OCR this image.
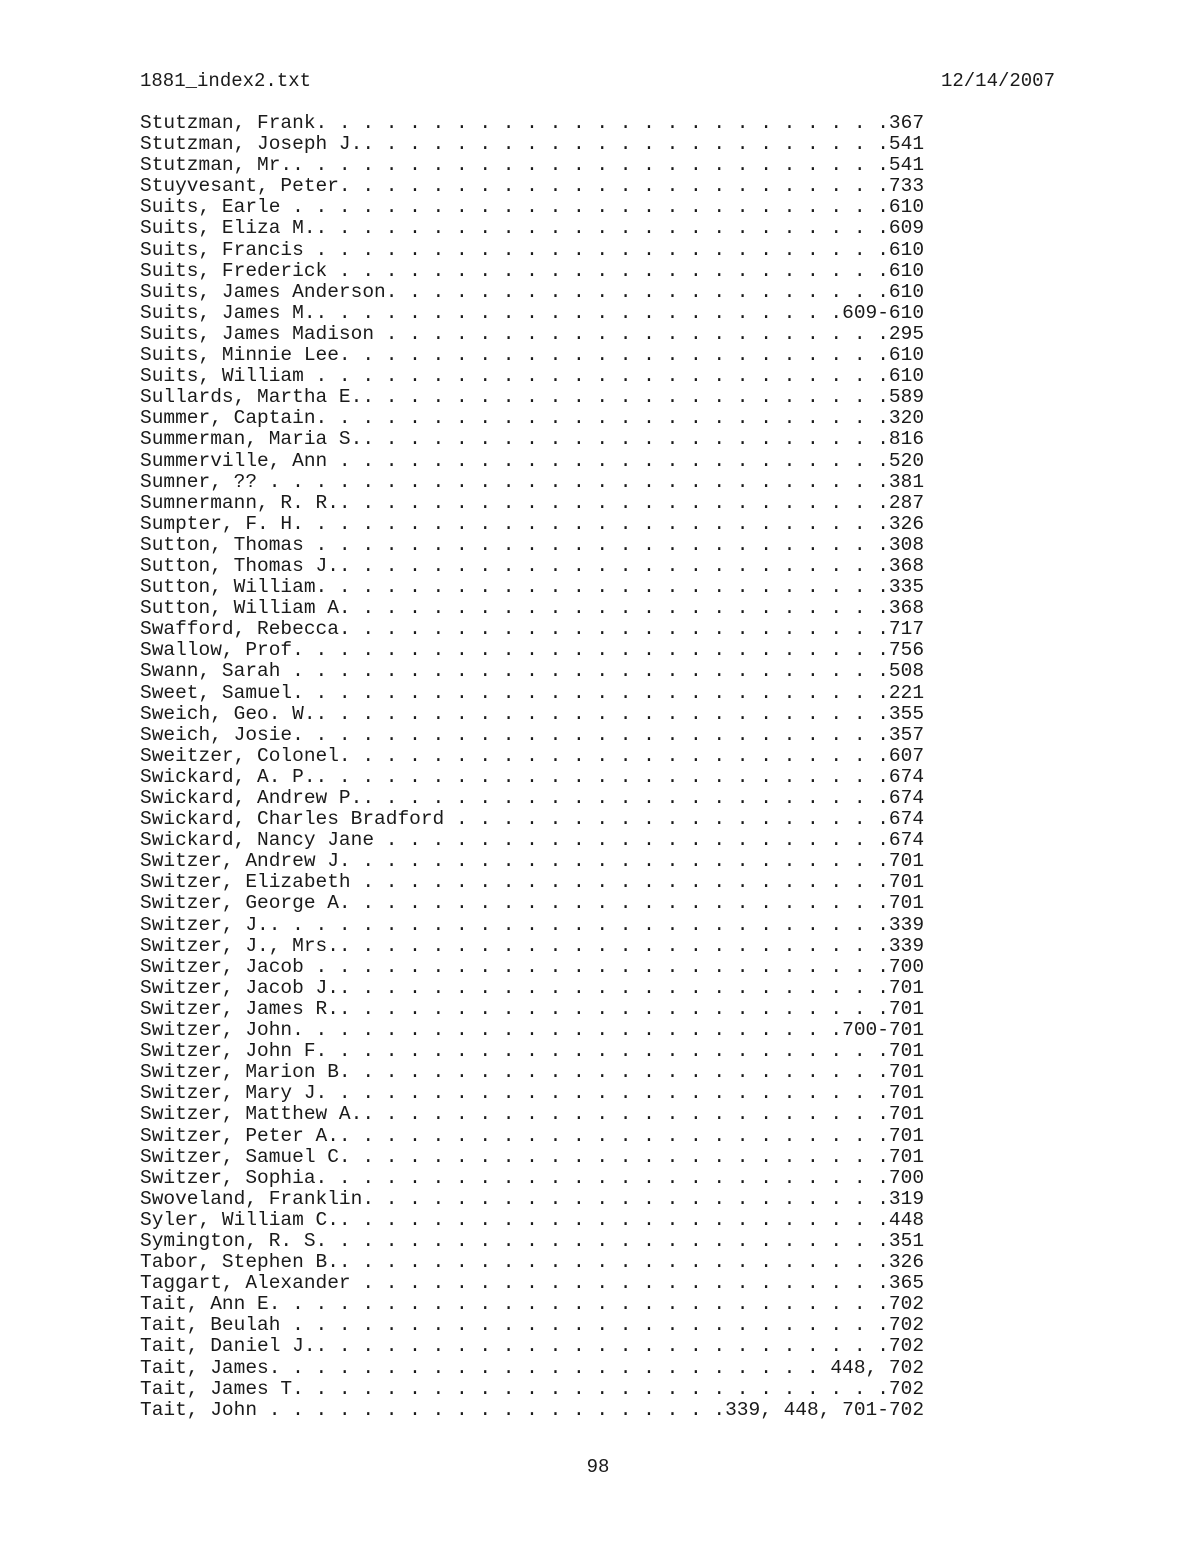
1881_index2.txt	12/14/2007
Stutzman, Frank. . . . . . . . . . . . . . . . . . . . . . . . .367
Stutzman, Joseph J.. . . . . . . . . . . . . . . . . . . . . . .541
Stutzman, Mr.. . . . . . . . . . . . . . . . . . . . . . . . . .541
Stuyvesant, Peter. . . . . . . . . . . . . . . . . . . . . . . .733
Suits, Earle . . . . . . . . . . . . . . . . . . . . . . . . . .610
Suits, Eliza M.. . . . . . . . . . . . . . . . . . . . . . . . .609
Suits, Francis . . . . . . . . . . . . . . . . . . . . . . . . .610
Suits, Frederick . . . . . . . . . . . . . . . . . . . . . . . .610
Suits, James Anderson. . . . . . . . . . . . . . . . . . . . . .610
Suits, James M.. . . . . . . . . . . . . . . . . . . . . . .609-610
Suits, James Madison . . . . . . . . . . . . . . . . . . . . . .295
Suits, Minnie Lee. . . . . . . . . . . . . . . . . . . . . . . .610
Suits, William . . . . . . . . . . . . . . . . . . . . . . . . .610
Sullards, Martha E.. . . . . . . . . . . . . . . . . . . . . . .589
Summer, Captain. . . . . . . . . . . . . . . . . . . . . . . . .320
Summerman, Maria S.. . . . . . . . . . . . . . . . . . . . . . .816
Summerville, Ann . . . . . . . . . . . . . . . . . . . . . . . .520
Sumner, ?? . . . . . . . . . . . . . . . . . . . . . . . . . . .381
Sumnermann, R. R.. . . . . . . . . . . . . . . . . . . . . . . .287
Sumpter, F. H. . . . . . . . . . . . . . . . . . . . . . . . . .326
Sutton, Thomas . . . . . . . . . . . . . . . . . . . . . . . . .308
Sutton, Thomas J.. . . . . . . . . . . . . . . . . . . . . . . .368
Sutton, William. . . . . . . . . . . . . . . . . . . . . . . . .335
Sutton, William A. . . . . . . . . . . . . . . . . . . . . . . .368
Swafford, Rebecca. . . . . . . . . . . . . . . . . . . . . . . .717
Swallow, Prof. . . . . . . . . . . . . . . . . . . . . . . . . .756
Swann, Sarah . . . . . . . . . . . . . . . . . . . . . . . . . .508
Sweet, Samuel. . . . . . . . . . . . . . . . . . . . . . . . . .221
Sweich, Geo. W.. . . . . . . . . . . . . . . . . . . . . . . . .355
Sweich, Josie. . . . . . . . . . . . . . . . . . . . . . . . . .357
Sweitzer, Colonel. . . . . . . . . . . . . . . . . . . . . . . .607
Swickard, A. P.. . . . . . . . . . . . . . . . . . . . . . . . .674
Swickard, Andrew P.. . . . . . . . . . . . . . . . . . . . . . .674
Swickard, Charles Bradford . . . . . . . . . . . . . . . . . . .674
Swickard, Nancy Jane . . . . . . . . . . . . . . . . . . . . . .674
Switzer, Andrew J. . . . . . . . . . . . . . . . . . . . . . . .701
Switzer, Elizabeth . . . . . . . . . . . . . . . . . . . . . . .701
Switzer, George A. . . . . . . . . . . . . . . . . . . . . . . .701
Switzer, J.. . . . . . . . . . . . . . . . . . . . . . . . . . .339
Switzer, J., Mrs.. . . . . . . . . . . . . . . . . . . . . . . .339
Switzer, Jacob . . . . . . . . . . . . . . . . . . . . . . . . .700
Switzer, Jacob J.. . . . . . . . . . . . . . . . . . . . . . . .701
Switzer, James R.. . . . . . . . . . . . . . . . . . . . . . . .701
Switzer, John. . . . . . . . . . . . . . . . . . . . . . . .700-701
Switzer, John F. . . . . . . . . . . . . . . . . . . . . . . . .701
Switzer, Marion B. . . . . . . . . . . . . . . . . . . . . . . .701
Switzer, Mary J. . . . . . . . . . . . . . . . . . . . . . . . .701
Switzer, Matthew A.. . . . . . . . . . . . . . . . . . . . . . .701
Switzer, Peter A.. . . . . . . . . . . . . . . . . . . . . . . .701
Switzer, Samuel C. . . . . . . . . . . . . . . . . . . . . . . .701
Switzer, Sophia. . . . . . . . . . . . . . . . . . . . . . . . .700
Swoveland, Franklin. . . . . . . . . . . . . . . . . . . . . . .319
Syler, William C.. . . . . . . . . . . . . . . . . . . . . . . .448
Symington, R. S. . . . . . . . . . . . . . . . . . . . . . . . .351
Tabor, Stephen B.. . . . . . . . . . . . . . . . . . . . . . . .326
Taggart, Alexander . . . . . . . . . . . . . . . . . . . . . . .365
Tait, Ann E. . . . . . . . . . . . . . . . . . . . . . . . . . .702
Tait, Beulah . . . . . . . . . . . . . . . . . . . . . . . . . .702
Tait, Daniel J.. . . . . . . . . . . . . . . . . . . . . . . . .702
Tait, James. . . . . . . . . . . . . . . . . . . . . . . . 448, 702
Tait, James T. . . . . . . . . . . . . . . . . . . . . . . . . .702
Tait, John . . . . . . . . . . . . . . . . . . . .339, 448, 701-702
98
